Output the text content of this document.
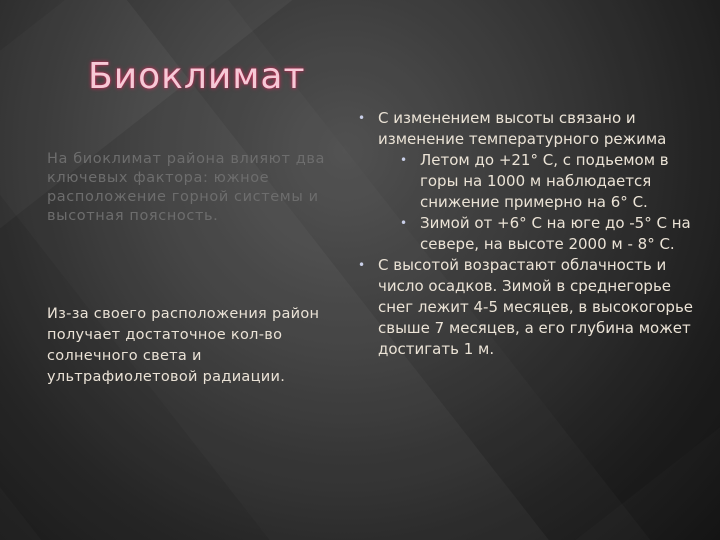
Биоклимат

На биоклимат района влияют два ключевых фактора: южное расположение горной системы и высотная поясность.

Из-за своего расположения район получает достаточное кол-во солнечного света и ультрафиолетовой радиации.

• С изменением высоты связано и изменение температурного режима
• Летом до +21° С, с подьемом в горы на 1000 м наблюдается снижение примерно на 6° С.
• Зимой от +6° С на юге до -5° С на севере, на высоте 2000 м - 8° С.
• С высотой возрастают облачность и число осадков. Зимой в среднегорье снег лежит 4-5 месяцев, в высокогорье свыше 7 месяцев, а его глубина может достигать 1 м.
